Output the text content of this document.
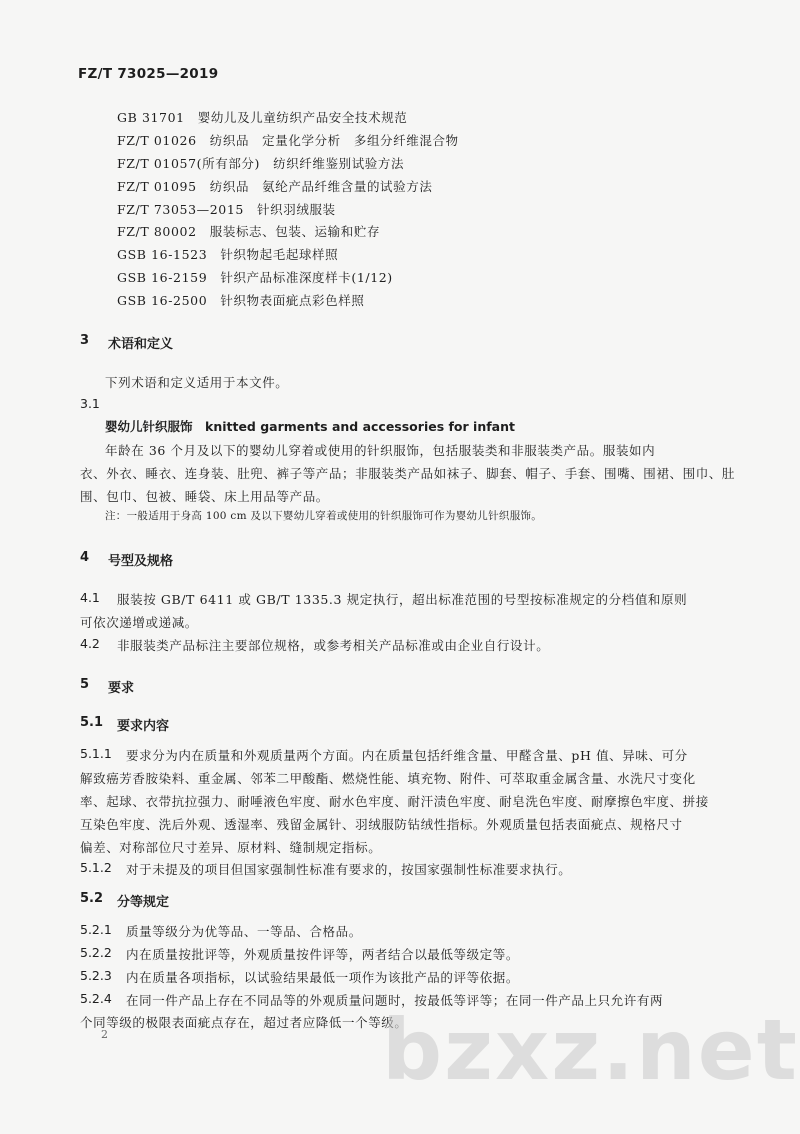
FZ/T 73025—2019
GB 31701　婴幼儿及儿童纺织产品安全技术规范
FZ/T 01026　纺织品　定量化学分析　多组分纤维混合物
FZ/T 01057(所有部分)　纺织纤维鉴别试验方法
FZ/T 01095　纺织品　氨纶产品纤维含量的试验方法
FZ/T 73053—2015　针织羽绒服装
FZ/T 80002　服装标志、包装、运输和贮存
GSB 16-1523　针织物起毛起球样照
GSB 16-2159　针织产品标准深度样卡(1/12)
GSB 16-2500　针织物表面疵点彩色样照
3 术语和定义
下列术语和定义适用于本文件。
3.1
婴幼儿针织服饰　knitted garments and accessories for infant
年龄在 36 个月及以下的婴幼儿穿着或使用的针织服饰，包括服装类和非服装类产品。服装如内
衣、外衣、睡衣、连身装、肚兜、裤子等产品；非服装类产品如袜子、脚套、帽子、手套、围嘴、围裙、围巾、肚
围、包巾、包被、睡袋、床上用品等产品。
注：一般适用于身高 100 cm 及以下婴幼儿穿着或使用的针织服饰可作为婴幼儿针织服饰。
4 号型及规格
4.1 服装按 GB/T 6411 或 GB/T 1335.3 规定执行，超出标准范围的号型按标准规定的分档值和原则
可依次递增或递减。
4.2 非服装类产品标注主要部位规格，或参考相关产品标准或由企业自行设计。
5 要求
5.1 要求内容
5.1.1 要求分为内在质量和外观质量两个方面。内在质量包括纤维含量、甲醛含量、pH 值、异味、可分
解致癌芳香胺染料、重金属、邻苯二甲酸酯、燃烧性能、填充物、附件、可萃取重金属含量、水洗尺寸变化
率、起球、衣带抗拉强力、耐唾液色牢度、耐水色牢度、耐汗渍色牢度、耐皂洗色牢度、耐摩擦色牢度、拼接
互染色牢度、洗后外观、透湿率、残留金属针、羽绒服防钻绒性指标。外观质量包括表面疵点、规格尺寸
偏差、对称部位尺寸差异、原材料、缝制规定指标。
5.1.2 对于未提及的项目但国家强制性标准有要求的，按国家强制性标准要求执行。
5.2 分等规定
5.2.1 质量等级分为优等品、一等品、合格品。
5.2.2 内在质量按批评等，外观质量按件评等，两者结合以最低等级定等。
5.2.3 内在质量各项指标，以试验结果最低一项作为该批产品的评等依据。
5.2.4 在同一件产品上存在不同品等的外观质量问题时，按最低等评等；在同一件产品上只允许有两
个同等级的极限表面疵点存在，超过者应降低一个等级。
2	bzxz.net
